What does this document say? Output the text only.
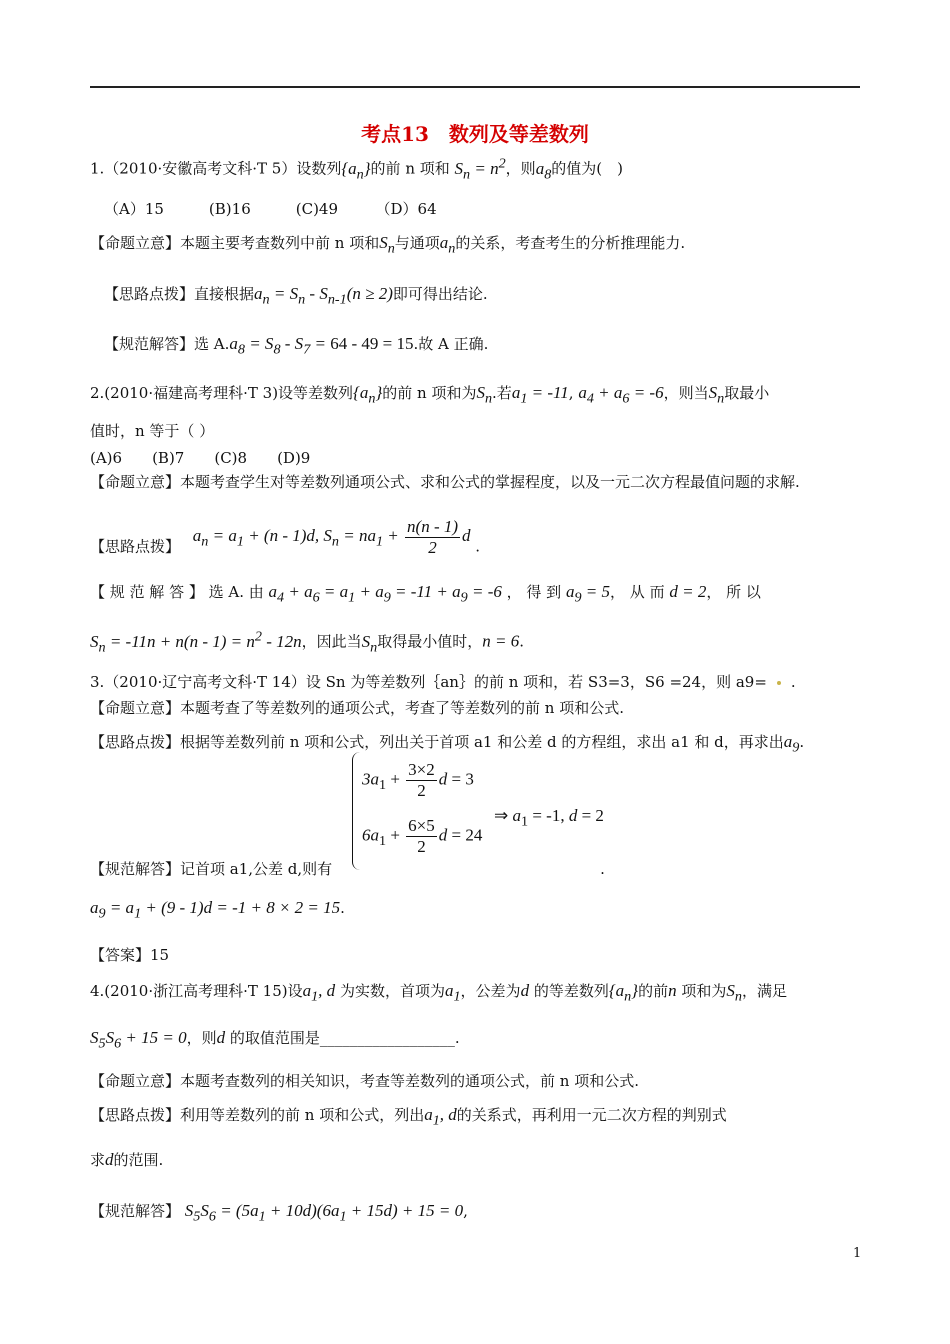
考点13　数列及等差数列
1.（2010·安徽高考文科·T 5）设数列$\{a_n\}$的前 n 项和 $S_n = n^2$，则$a_8$的值为(　)
（A）15　　　(B)16　　　(C)49　　　（D）64
【命题立意】本题主要考查数列中前 n 项和$S_n$与通项$a_n$的关系，考查考生的分析推理能力.
【思路点拨】直接根据$a_n = S_n - S_{n-1}(n \ge 2)$即可得出结论.
【规范解答】选 $A.a_8 = S_8 - S_7 = 64 - 49 = 15$.故 A 正确.
2.(2010·福建高考理科·T 3)设等差数列$\{a_n\}$的前 n 项和为$S_n$.若$a_1 = -11$, $a_4 + a_6 = -6$，则当$S_n$取最小
值时，n 等于（ ）
(A)6　　(B)7　　(C)8　　(D)9
【命题立意】本题考查学生对等差数列通项公式、求和公式的掌握程度，以及一元二次方程最值问题的求解.
【思路点拨】 $a_n = a_1 + (n - 1)d$, $S_n = na_1 + \frac{n(n - 1)}{2}$ d .
【 规 范 解 答 】 选 A. 由 $a_4 + a_6 = a_1 + a_9 = -11 + a_9 = -6$ ， 得 到 $a_9 = 5$， 从 而 d = 2， 所 以
$S_n = -11n + n(n - 1) = n^2 - 12n$，因此当$S_n$取得最小值时，n = 6.
3.（2010·辽宁高考文科·T 14）设 Sn 为等差数列｛an｝的前 n 项和，若 S3=3，S6 =24，则 a9= .
【命题立意】本题考查了等差数列的通项公式，考查了等差数列的前 n 项和公式.
【思路点拨】根据等差数列前 n 项和公式，列出关于首项 a1 和公差 d 的方程组，求出 a1 和 d，再求出$a_9$.
$3a_1 + \frac{3\times 2}{2}$ d = 3
$6a_1 + \frac{6\times 5}{2}$ d = 24
⇒ $a_1 = -1$, d = 2
【规范解答】记首项 a1,公差 d,则有	.
$a_9 = a_1 + (9 - 1)d = -1 + 8 \times 2 = 15$.
【答案】15
4.(2010·浙江高考理科·T 15)设$a_1$, d 为实数，首项为$a_1$，公差为d 的等差数列$\{a_n\}$的前n 项和为$S_n$，满足
$S_5S_6 + 15 = 0$，则d 的取值范围是__________________.
【命题立意】本题考查数列的相关知识，考查等差数列的通项公式，前 n 项和公式.
【思路点拨】利用等差数列的前 n 项和公式，列出$a_1$, d的关系式，再利用一元二次方程的判别式
求d的范围.
【规范解答】 $S_5S_6 = (5a_1 + 10d)(6a_1 + 15d) + 15 = 0$,
1
